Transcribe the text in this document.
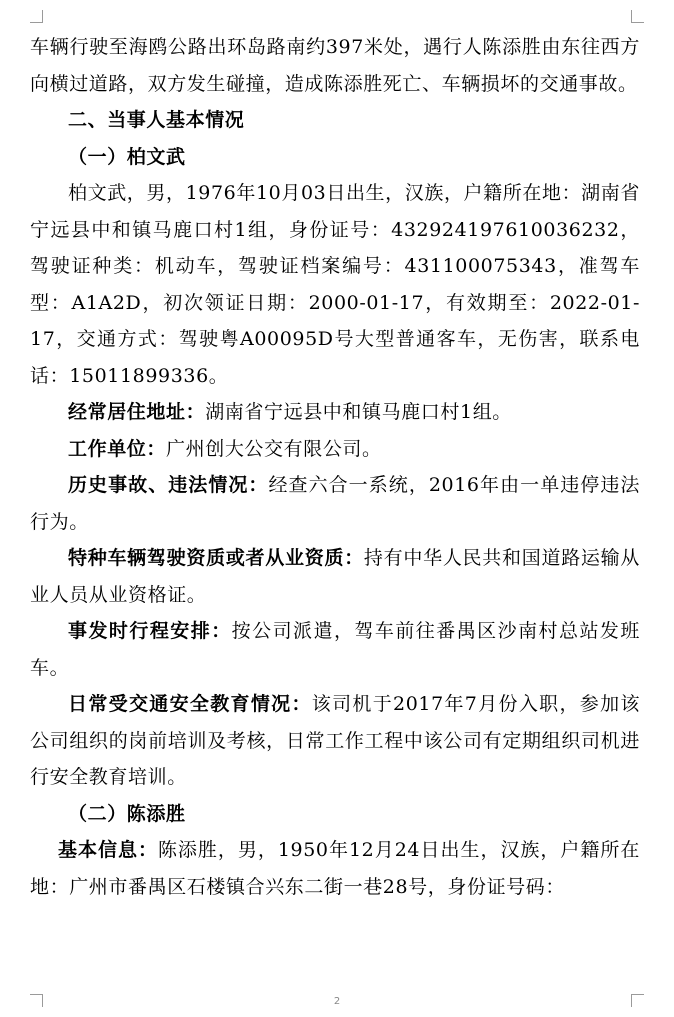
车辆行驶至海鸥公路出环岛路南约397米处，遇行人陈添胜由东往西方向横过道路，双方发生碰撞，造成陈添胜死亡、车辆损坏的交通事故。

二、当事人基本情况

（一）柏文武

柏文武，男，1976年10月03日出生，汉族，户籍所在地：湖南省宁远县中和镇马鹿口村1组，身份证号：432924197610036232，驾驶证种类：机动车，驾驶证档案编号：431100075343，准驾车型：A1A2D，初次领证日期：2000-01-17，有效期至：2022-01-17，交通方式：驾驶粤A00095D号大型普通客车，无伤害，联系电话：15011899336。

经常居住地址：湖南省宁远县中和镇马鹿口村1组。

工作单位：广州创大公交有限公司。

历史事故、违法情况：经查六合一系统，2016年由一单违停违法行为。

特种车辆驾驶资质或者从业资质：持有中华人民共和国道路运输从业人员从业资格证。

事发时行程安排：按公司派遣，驾车前往番禺区沙南村总站发班车。

日常受交通安全教育情况：该司机于2017年7月份入职，参加该公司组织的岗前培训及考核，日常工作工程中该公司有定期组织司机进行安全教育培训。

（二）陈添胜

基本信息：陈添胜，男，1950年12月24日出生，汉族，户籍所在地：广州市番禺区石楼镇合兴东二街一巷28号，身份证号码：

2
